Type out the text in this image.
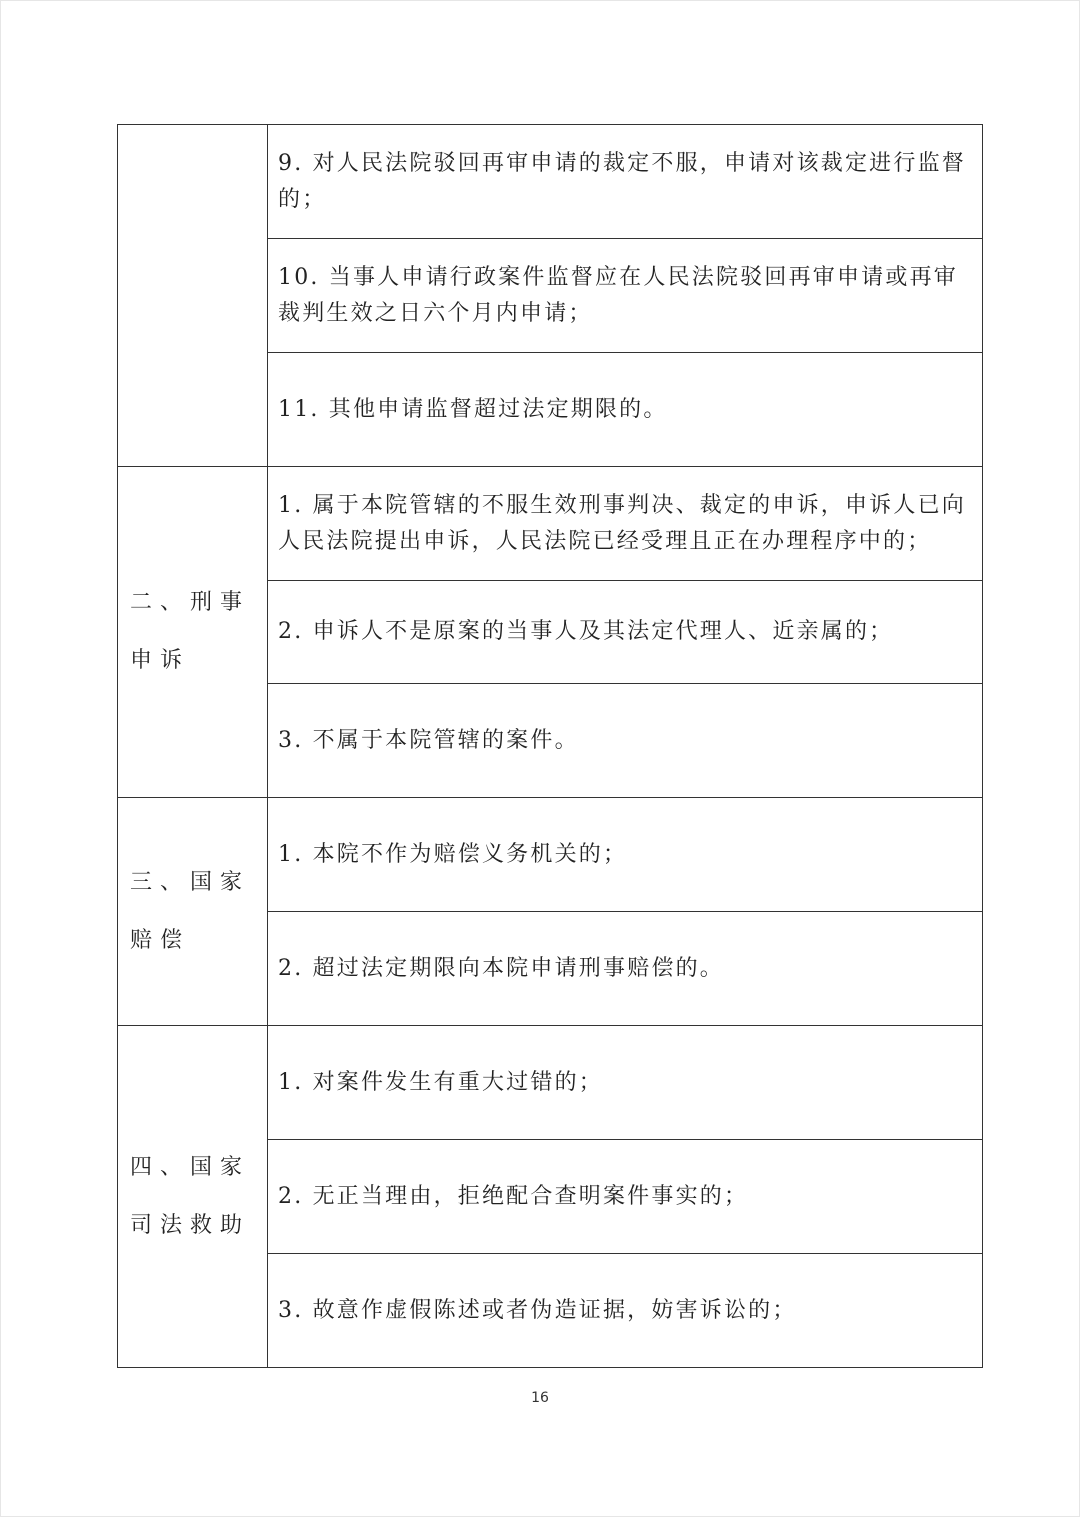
	9. 对人民法院驳回再审申请的裁定不服，申请对该裁定进行监督的；

	10. 当事人申请行政案件监督应在人民法院驳回再审申请或再审裁判生效之日六个月内申请；

	11. 其他申请监督超过法定期限的。

二、刑事申诉	1. 属于本院管辖的不服生效刑事判决、裁定的申诉，申诉人已向人民法院提出申诉，人民法院已经受理且正在办理程序中的；

	2. 申诉人不是原案的当事人及其法定代理人、近亲属的；

	3. 不属于本院管辖的案件。

三、国家赔偿	1. 本院不作为赔偿义务机关的；

	2. 超过法定期限向本院申请刑事赔偿的。

四、国家司法救助	1. 对案件发生有重大过错的；

	2. 无正当理由，拒绝配合查明案件事实的；

	3. 故意作虚假陈述或者伪造证据，妨害诉讼的；
16
